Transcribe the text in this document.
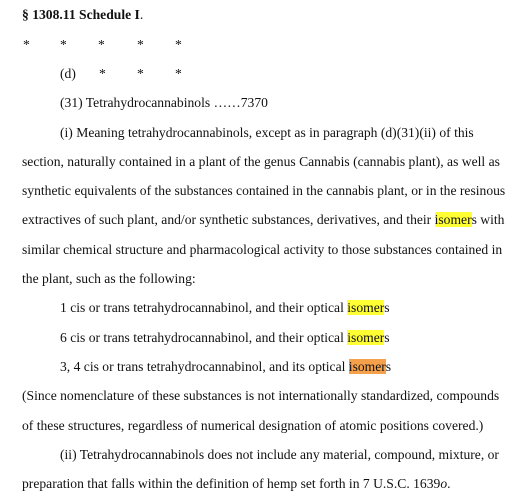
§ 1308.11 Schedule I.
* * * * *
(d) * * *
(31) Tetrahydrocannabinols ……7370
(i) Meaning tetrahydrocannabinols, except as in paragraph (d)(31)(ii) of this
section, naturally contained in a plant of the genus Cannabis (cannabis plant), as well as
synthetic equivalents of the substances contained in the cannabis plant, or in the resinous
extractives of such plant, and/or synthetic substances, derivatives, and their isomers with
similar chemical structure and pharmacological activity to those substances contained in
the plant, such as the following:
1 cis or trans tetrahydrocannabinol, and their optical isomers
6 cis or trans tetrahydrocannabinol, and their optical isomers
3, 4 cis or trans tetrahydrocannabinol, and its optical isomers
(Since nomenclature of these substances is not internationally standardized, compounds
of these structures, regardless of numerical designation of atomic positions covered.)
(ii) Tetrahydrocannabinols does not include any material, compound, mixture, or
preparation that falls within the definition of hemp set forth in 7 U.S.C. 1639o.
